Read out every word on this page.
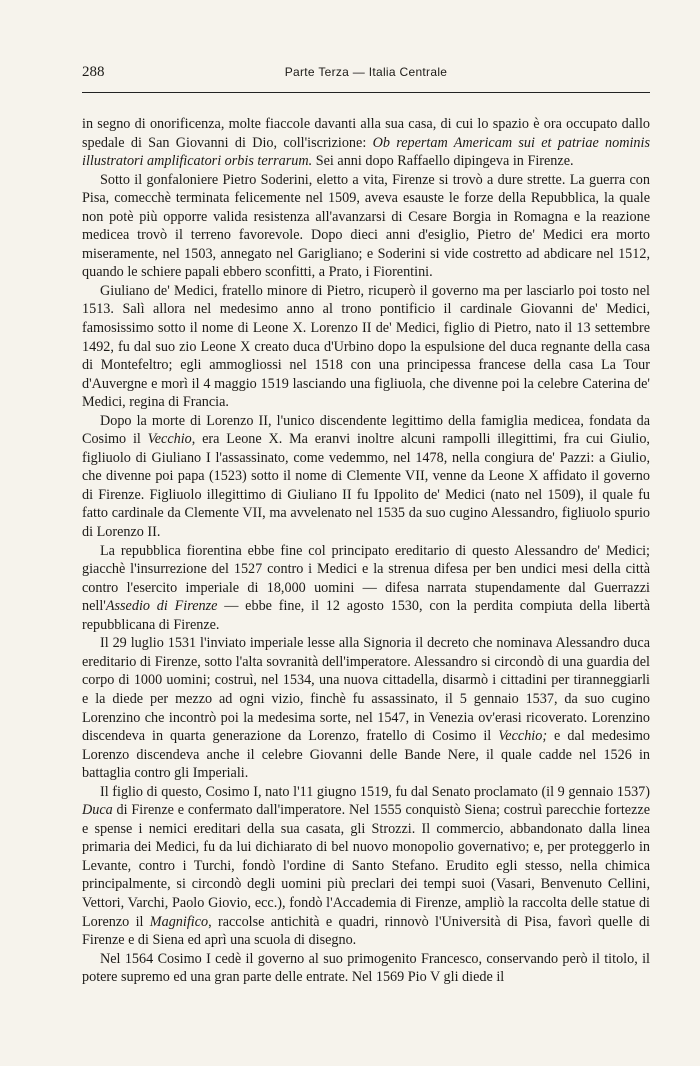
288	Parte Terza — Italia Centrale

in segno di onorificenza, molte fiaccole davanti alla sua casa, di cui lo spazio è ora occupato dallo spedale di San Giovanni di Dio, coll'iscrizione: Ob repertam Americam sui et patriae nominis illustratori amplificatori orbis terrarum. Sei anni dopo Raffaello dipingeva in Firenze.

Sotto il gonfaloniere Pietro Soderini, eletto a vita, Firenze si trovò a dure strette. La guerra con Pisa, comecchè terminata felicemente nel 1509, aveva esauste le forze della Repubblica, la quale non potè più opporre valida resistenza all'avanzarsi di Cesare Borgia in Romagna e la reazione medicea trovò il terreno favorevole. Dopo dieci anni d'esiglio, Pietro de' Medici era morto miseramente, nel 1503, annegato nel Garigliano; e Soderini si vide costretto ad abdicare nel 1512, quando le schiere papali ebbero sconfitti, a Prato, i Fiorentini.

Giuliano de' Medici, fratello minore di Pietro, ricuperò il governo ma per lasciarlo poi tosto nel 1513. Salì allora nel medesimo anno al trono pontificio il cardinale Giovanni de' Medici, famosissimo sotto il nome di Leone X. Lorenzo II de' Medici, figlio di Pietro, nato il 13 settembre 1492, fu dal suo zio Leone X creato duca d'Urbino dopo la espulsione del duca regnante della casa di Montefeltro; egli ammogliossi nel 1518 con una principessa francese della casa La Tour d'Auvergne e morì il 4 maggio 1519 lasciando una figliuola, che divenne poi la celebre Caterina de' Medici, regina di Francia.

Dopo la morte di Lorenzo II, l'unico discendente legittimo della famiglia medicea, fondata da Cosimo il Vecchio, era Leone X. Ma eranvi inoltre alcuni rampolli illegittimi, fra cui Giulio, figliuolo di Giuliano I l'assassinato, come vedemmo, nel 1478, nella congiura de' Pazzi: a Giulio, che divenne poi papa (1523) sotto il nome di Clemente VII, venne da Leone X affidato il governo di Firenze. Figliuolo illegittimo di Giuliano II fu Ippolito de' Medici (nato nel 1509), il quale fu fatto cardinale da Clemente VII, ma avvelenato nel 1535 da suo cugino Alessandro, figliuolo spurio di Lorenzo II.

La repubblica fiorentina ebbe fine col principato ereditario di questo Alessandro de' Medici; giacchè l'insurrezione del 1527 contro i Medici e la strenua difesa per ben undici mesi della città contro l'esercito imperiale di 18,000 uomini — difesa narrata stupendamente dal Guerrazzi nell'Assedio di Firenze — ebbe fine, il 12 agosto 1530, con la perdita compiuta della libertà repubblicana di Firenze.

Il 29 luglio 1531 l'inviato imperiale lesse alla Signoria il decreto che nominava Alessandro duca ereditario di Firenze, sotto l'alta sovranità dell'imperatore. Alessandro si circondò di una guardia del corpo di 1000 uomini; costruì, nel 1534, una nuova cittadella, disarmò i cittadini per tiranneggiarli e la diede per mezzo ad ogni vizio, finchè fu assassinato, il 5 gennaio 1537, da suo cugino Lorenzino che incontrò poi la medesima sorte, nel 1547, in Venezia ov'erasi ricoverato. Lorenzino discendeva in quarta generazione da Lorenzo, fratello di Cosimo il Vecchio; e dal medesimo Lorenzo discendeva anche il celebre Giovanni delle Bande Nere, il quale cadde nel 1526 in battaglia contro gli Imperiali.

Il figlio di questo, Cosimo I, nato l'11 giugno 1519, fu dal Senato proclamato (il 9 gennaio 1537) Duca di Firenze e confermato dall'imperatore. Nel 1555 conquistò Siena; costruì parecchie fortezze e spense i nemici ereditari della sua casata, gli Strozzi. Il commercio, abbandonato dalla linea primaria dei Medici, fu da lui dichiarato di bel nuovo monopolio governativo; e, per proteggerlo in Levante, contro i Turchi, fondò l'ordine di Santo Stefano. Erudito egli stesso, nella chimica principalmente, si circondò degli uomini più preclari dei tempi suoi (Vasari, Benvenuto Cellini, Vettori, Varchi, Paolo Giovio, ecc.), fondò l'Accademia di Firenze, ampliò la raccolta delle statue di Lorenzo il Magnifico, raccolse antichità e quadri, rinnovò l'Università di Pisa, favorì quelle di Firenze e di Siena ed aprì una scuola di disegno.

Nel 1564 Cosimo I cedè il governo al suo primogenito Francesco, conservando però il titolo, il potere supremo ed una gran parte delle entrate. Nel 1569 Pio V gli diede il
